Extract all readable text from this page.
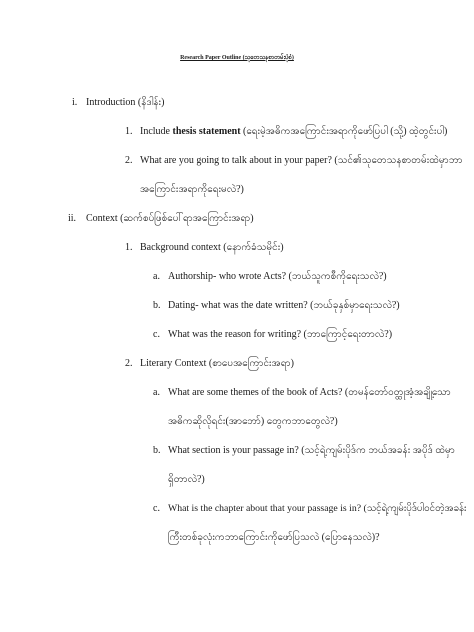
Research Paper Outline (သုတေသနစာတမ်းပုံစံ)
i. Introduction (နိဒါန်း)
1. Include thesis statement (ရေးမဲ့အဓိကအကြောင်းအရာကိုဖော်ပြပါ (သို့) ထဲ့တွင်းပါ)
2. What are you going to talk about in your paper? (သင်၏သုတေသနစာတမ်းထဲမှာဘာ
အကြောင်းအရာကိုရေးမလဲ?)
ii. Context (ဆက်စပ်ဖြစ်ပေါ်ရာအကြောင်းအရာ)
1. Background context (နောက်ခံသမိုင်း)
a. Authorship- who wrote Acts? (ဘယ်သူကစီကိုရေးသလဲ?)
b. Dating- what was the date written? (ဘယ်ခုနှစ်မှာရေးသလဲ?)
c. What was the reason for writing? (ဘာကြောင့်ရေးတာလဲ?)
2. Literary Context (စာပေအကြောင်းအရာ)
a. What are some themes of the book of Acts? (တမန်တော်ဝတ္ထုအံ့အချို့သော
အဓိကဆိုလိုရင်း(အာဘော်) တွေကဘာတွေလဲ?)
b. What section is your passage in? (သင့်ရဲ့ကျမ်းပိုဒ်က ဘယ်အခန်း အပိုဒ် ထဲမှာ
ရှိတာလဲ?)
c. What is the chapter about that your passage is in? (သင့်ရဲ့ကျမ်းပိုဒ်ပါဝင်တဲ့အခန်း
ကြီးတစ်ခုလုံးကဘာကြောင်းကိုဖော်ပြသလဲ (ပြောနေသလဲ)?
